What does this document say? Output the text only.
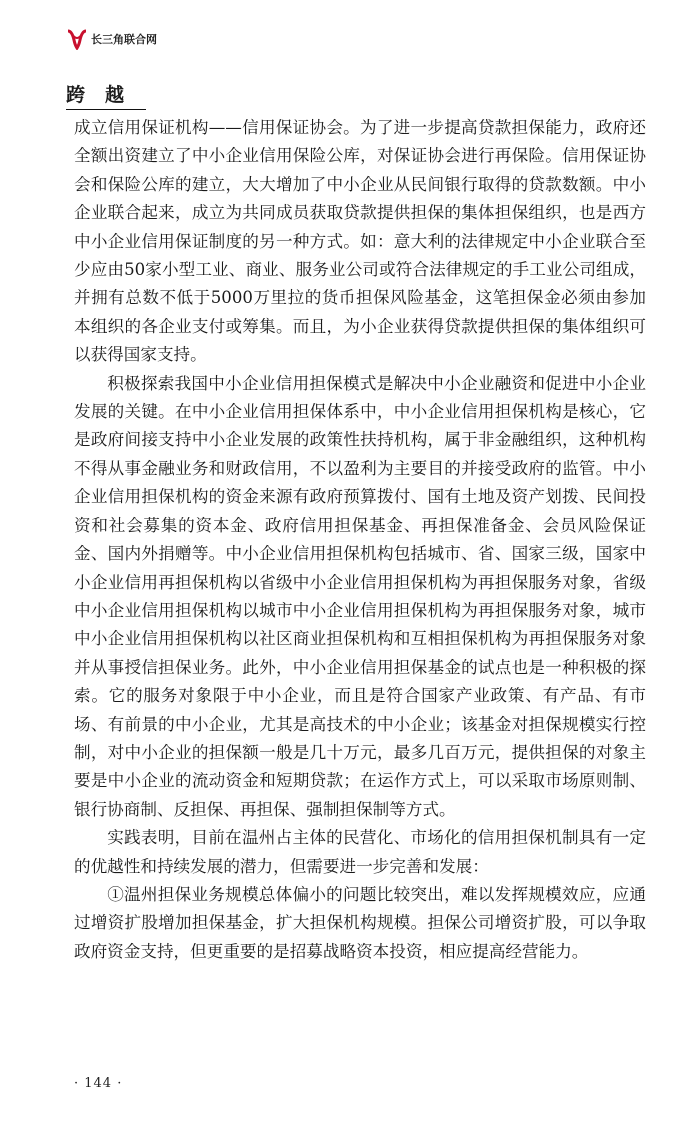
长三角联合网
跨越

成立信用保证机构——信用保证协会。为了进一步提高贷款担保能力，政府还全额出资建立了中小企业信用保险公库，对保证协会进行再保险。信用保证协会和保险公库的建立，大大增加了中小企业从民间银行取得的贷款数额。中小企业联合起来，成立为共同成员获取贷款提供担保的集体担保组织，也是西方中小企业信用保证制度的另一种方式。如：意大利的法律规定中小企业联合至少应由50家小型工业、商业、服务业公司或符合法律规定的手工业公司组成，并拥有总数不低于5000万里拉的货币担保风险基金，这笔担保金必须由参加本组织的各企业支付或筹集。而且，为小企业获得贷款提供担保的集体组织可以获得国家支持。

积极探索我国中小企业信用担保模式是解决中小企业融资和促进中小企业发展的关键。在中小企业信用担保体系中，中小企业信用担保机构是核心，它是政府间接支持中小企业发展的政策性扶持机构，属于非金融组织，这种机构不得从事金融业务和财政信用，不以盈利为主要目的并接受政府的监管。中小企业信用担保机构的资金来源有政府预算拨付、国有土地及资产划拨、民间投资和社会募集的资本金、政府信用担保基金、再担保准备金、会员风险保证金、国内外捐赠等。中小企业信用担保机构包括城市、省、国家三级，国家中小企业信用再担保机构以省级中小企业信用担保机构为再担保服务对象，省级中小企业信用担保机构以城市中小企业信用担保机构为再担保服务对象，城市中小企业信用担保机构以社区商业担保机构和互相担保机构为再担保服务对象并从事授信担保业务。此外，中小企业信用担保基金的试点也是一种积极的探索。它的服务对象限于中小企业，而且是符合国家产业政策、有产品、有市场、有前景的中小企业，尤其是高技术的中小企业；该基金对担保规模实行控制，对中小企业的担保额一般是几十万元，最多几百万元，提供担保的对象主要是中小企业的流动资金和短期贷款；在运作方式上，可以采取市场原则制、银行协商制、反担保、再担保、强制担保制等方式。

实践表明，目前在温州占主体的民营化、市场化的信用担保机制具有一定的优越性和持续发展的潜力，但需要进一步完善和发展：

①温州担保业务规模总体偏小的问题比较突出，难以发挥规模效应，应通过增资扩股增加担保基金，扩大担保机构规模。担保公司增资扩股，可以争取政府资金支持，但更重要的是招募战略资本投资，相应提高经营能力。

· 144 ·
